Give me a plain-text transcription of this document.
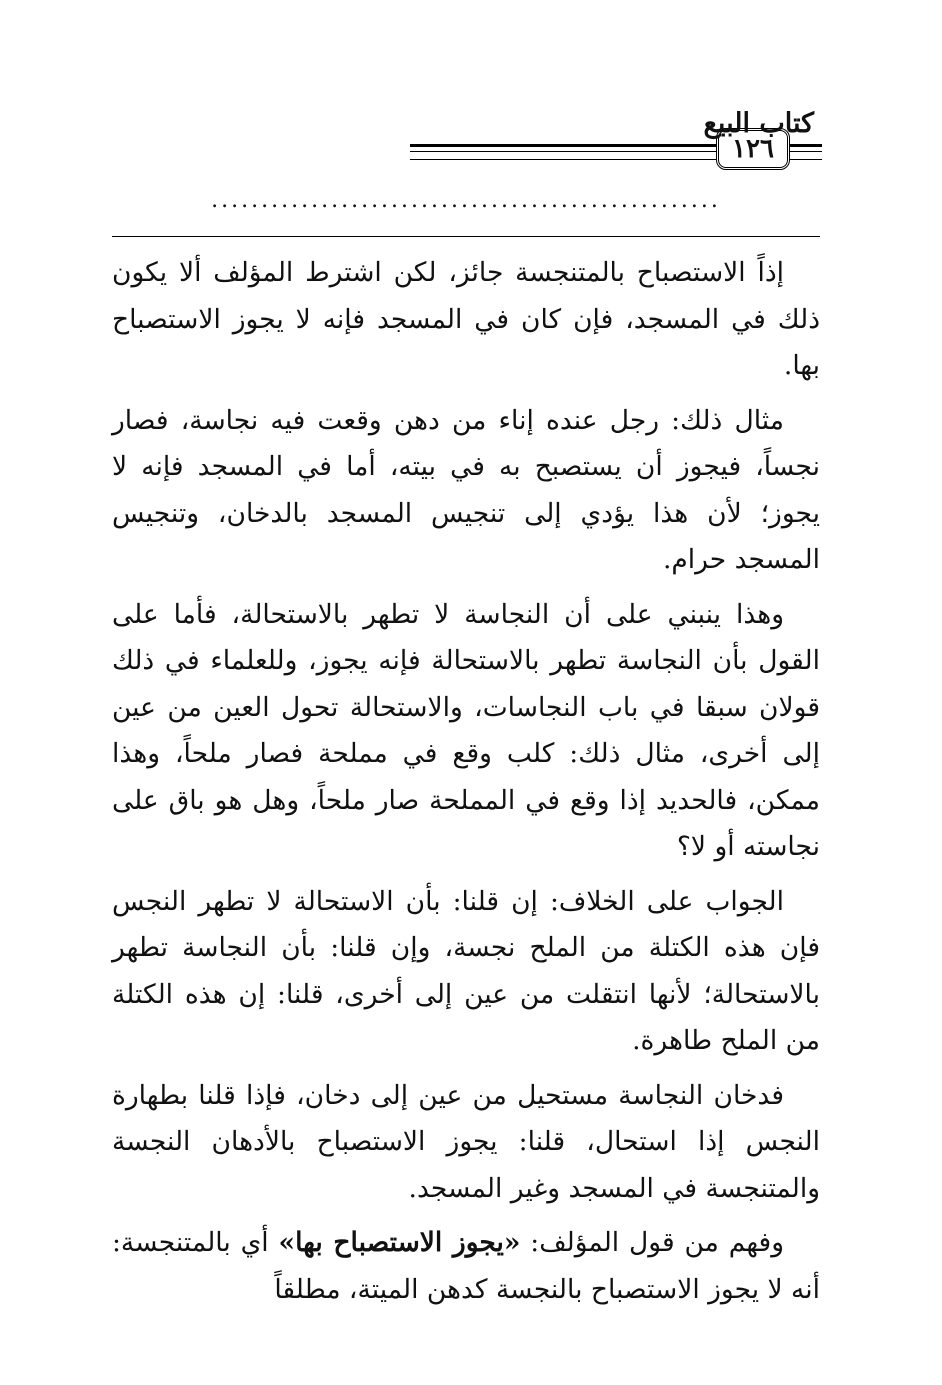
١٢٦
كتاب البيع
...................................................

إذاً الاستصباح بالمتنجسة جائز، لكن اشترط المؤلف ألا يكون ذلك في المسجد، فإن كان في المسجد فإنه لا يجوز الاستصباح بها.

مثال ذلك: رجل عنده إناء من دهن وقعت فيه نجاسة، فصار نجساً، فيجوز أن يستصبح به في بيته، أما في المسجد فإنه لا يجوز؛ لأن هذا يؤدي إلى تنجيس المسجد بالدخان، وتنجيس المسجد حرام.

وهذا ينبني على أن النجاسة لا تطهر بالاستحالة، فأما على القول بأن النجاسة تطهر بالاستحالة فإنه يجوز، وللعلماء في ذلك قولان سبقا في باب النجاسات، والاستحالة تحول العين من عين إلى أخرى، مثال ذلك: كلب وقع في مملحة فصار ملحاً، وهذا ممكن، فالحديد إذا وقع في المملحة صار ملحاً، وهل هو باق على نجاسته أو لا؟

الجواب على الخلاف: إن قلنا: بأن الاستحالة لا تطهر النجس فإن هذه الكتلة من الملح نجسة، وإن قلنا: بأن النجاسة تطهر بالاستحالة؛ لأنها انتقلت من عين إلى أخرى، قلنا: إن هذه الكتلة من الملح طاهرة.

فدخان النجاسة مستحيل من عين إلى دخان، فإذا قلنا بطهارة النجس إذا استحال، قلنا: يجوز الاستصباح بالأدهان النجسة والمتنجسة في المسجد وغير المسجد.

وفهم من قول المؤلف: «يجوز الاستصباح بها» أي بالمتنجسة: أنه لا يجوز الاستصباح بالنجسة كدهن الميتة، مطلقاً
